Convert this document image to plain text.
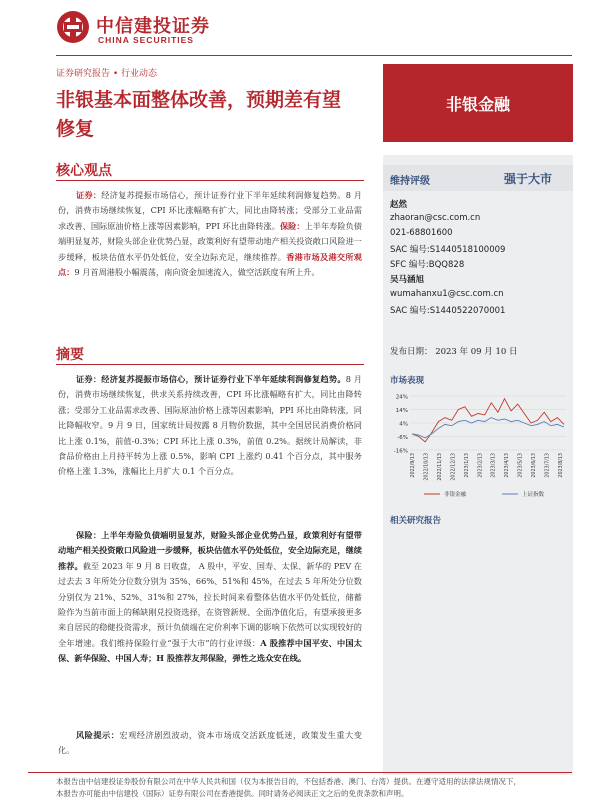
中信建投证券
CHINA SECURITIES
证券研究报告 • 行业动态
非银基本面整体改善，预期差有望
修复
非银金融
核心观点
证券：经济复苏提振市场信心，预计证券行业下半年延续利润修复趋势。8 月份，消费市场继续恢复，CPI 环比涨幅略有扩大，同比由降转涨；受部分工业品需求改善、国际原油价格上涨等因素影响，PPI 环比由降转涨。保险：上半年寿险负债端明显复苏，财险头部企业优势凸显，政策利好有望带动地产相关投资敞口风险进一步缓释，板块估值水平仍处低位，安全边际充足，继续推荐。香港市场及港交所观点：9 月首周港股小幅震荡，南向资金加速流入，做空活跃度有所上升。
摘要
证券：经济复苏提振市场信心，预计证券行业下半年延续利润修复趋势。8 月份，消费市场继续恢复，供求关系持续改善，CPI 环比涨幅略有扩大，同比由降转涨；受部分工业品需求改善、国际原油价格上涨等因素影响，PPI 环比由降转涨，同比降幅收窄。9 月 9 日，国家统计局按露 8 月物价数据，其中全国居民消费价格同比上涨 0.1%，前值-0.3%；CPI 环比上涨 0.3%，前值 0.2%。据统计局解读，非食品价格由上月持平转为上涨 0.5%，影响 CPI 上涨约 0.41 个百分点，其中服务价格上涨 1.3%，涨幅比上月扩大 0.1 个百分点。
保险：上半年寿险负债端明显复苏，财险头部企业优势凸显，政策利好有望带动地产相关投资敞口风险进一步缓释，板块估值水平仍处低位，安全边际充足，继续推荐。截至 2023 年 9 月 8 日收盘， A 股中，平安、国寿、太保、新华的 PEV 在过去去 3 年所处分位数分别为 35%、66%、51%和 45%，在过去 5 年所处分位数分别仅为 21%、52%、31%和 27%，拉长时间来看整体估值水平仍处低位，储蓄险作为当前市面上的稀缺刚兑投资选择，在资管新规、全面净值化后，有望承接更多来自居民的稳健投资需求，预计负债端在定价利率下调的影响下依然可以实现较好的全年增速。我们维持保险行业“强于大市”的行业评级：A 股推荐中国平安、中国太保、新华保险、中国人寿；H 股推荐友邦保险，弹性之选众安在线。
风险提示：宏观经济剧烈波动，资本市场成交活跃度低迷，政策发生重大变化。
维持评级	强于大市
赵然
zhaoran@csc.com.cn
021-68801600
SAC 编号:S1440518100009
SFC 编号:BQQ828
吴马涵旭
wumahanxu1@csc.com.cn
SAC 编号:S1440522070001
发布日期： 2023 年 09 月 10 日
市场表现
24%
14%
4%
-6%
-16%
2022/9/13 2022/10/13 2022/11/13 2022/12/13 2023/1/13 2023/2/13 2023/3/13 2023/4/13 2023/5/13 2023/6/13 2023/7/13 2023/8/13
非银金融	上证指数
相关研究报告
本报告由中信建投证券股份有限公司在中华人民共和国（仅为本报告目的，不包括香港、澳门、台湾）提供。在遵守适用的法律法规情况下，
本报告亦可能由中信建投（国际）证券有限公司在香港提供。同时请务必阅读正文之后的免责条款和声明。
